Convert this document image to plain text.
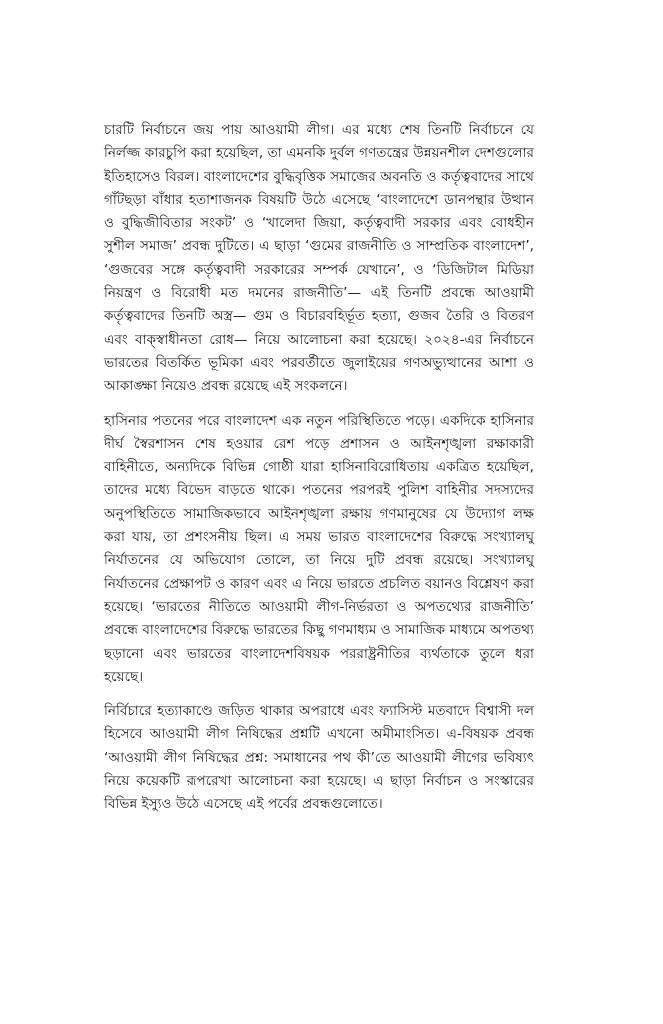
চারটি নির্বাচনে জয় পায় আওয়ামী লীগ। এর মধ্যে শেষ তিনটি নির্বাচনে যে নির্লজ্জ কারচুপি করা হয়েছিল, তা এমনকি দুর্বল গণতন্ত্রের উন্নয়নশীল দেশগুলোর ইতিহাসেও বিরল। বাংলাদেশের বুদ্ধিবৃত্তিক সমাজের অবনতি ও কর্তৃত্ববাদের সাথে গাঁটছড়া বাঁধার হতাশাজনক বিষয়টি উঠে এসেছে ‘বাংলাদেশে ডানপন্থার উত্থান ও বুদ্ধিজীবিতার সংকট’ ও ‘খালেদা জিয়া, কর্তৃত্ববাদী সরকার এবং বোধহীন সুশীল সমাজ’ প্রবন্ধ দুটিতে। এ ছাড়া ‘গুমের রাজনীতি ও সাম্প্রতিক বাংলাদেশ’, ‘গুজবের সঙ্গে কর্তৃত্ববাদী সরকারের সম্পর্ক যেখানে’, ও ‘ডিজিটাল মিডিয়া নিয়ন্ত্রণ ও বিরোধী মত দমনের রাজনীতি’— এই তিনটি প্রবন্ধে আওয়ামী কর্তৃত্ববাদের তিনটি অস্ত্র— গুম ও বিচারবহির্ভূত হত্যা, গুজব তৈরি ও বিতরণ এবং বাক্‌স্বাধীনতা রোধ— নিয়ে আলোচনা করা হয়েছে। ২০২৪-এর নির্বাচনে ভারতের বিতর্কিত ভূমিকা এবং পরবর্তীতে জুলাইয়ের গণঅভ্যুত্থানের আশা ও আকাঙ্ক্ষা নিয়েও প্রবন্ধ রয়েছে এই সংকলনে।

হাসিনার পতনের পরে বাংলাদেশ এক নতুন পরিস্থিতিতে পড়ে। একদিকে হাসিনার দীর্ঘ স্বৈরশাসন শেষ হওয়ার রেশ পড়ে প্রশাসন ও আইনশৃঙ্খলা রক্ষাকারী বাহিনীতে, অন্যদিকে বিভিন্ন গোষ্ঠী যারা হাসিনাবিরোধিতায় একত্রিত হয়েছিল, তাদের মধ্যে বিভেদ বাড়তে থাকে। পতনের পরপরই পুলিশ বাহিনীর সদস্যদের অনুপস্থিতিতে সামাজিকভাবে আইনশৃঙ্খলা রক্ষায় গণমানুষের যে উদ্যোগ লক্ষ করা যায়, তা প্রশংসনীয় ছিল। এ সময় ভারত বাংলাদেশের বিরুদ্ধে সংখ্যালঘু নির্যাতনের যে অভিযোগ তোলে, তা নিয়ে দুটি প্রবন্ধ রয়েছে। সংখ্যালঘু নির্যাতনের প্রেক্ষাপট ও কারণ এবং এ নিয়ে ভারতে প্রচলিত বয়ানও বিশ্লেষণ করা হয়েছে। ‘ভারতের নীতিতে আওয়ামী লীগ-নির্ভরতা ও অপতথ্যের রাজনীতি’ প্রবন্ধে বাংলাদেশের বিরুদ্ধে ভারতের কিছু গণমাধ্যম ও সামাজিক মাধ্যমে অপতথ্য ছড়ানো এবং ভারতের বাংলাদেশবিষয়ক পররাষ্ট্রনীতির ব্যর্থতাকে তুলে ধরা হয়েছে।

নির্বিচারে হত্যাকাণ্ডে জড়িত থাকার অপরাধে এবং ফ্যাসিস্ট মতবাদে বিশ্বাসী দল হিসেবে আওয়ামী লীগ নিষিদ্ধের প্রশ্নটি এখনো অমীমাংসিত। এ-বিষয়ক প্রবন্ধ ‘আওয়ামী লীগ নিষিদ্ধের প্রশ্ন: সমাধানের পথ কী’তে আওয়ামী লীগের ভবিষ্যৎ নিয়ে কয়েকটি রূপরেখা আলোচনা করা হয়েছে। এ ছাড়া নির্বাচন ও সংস্কারের বিভিন্ন ইস্যুও উঠে এসেছে এই পর্বের প্রবন্ধগুলোতে।
